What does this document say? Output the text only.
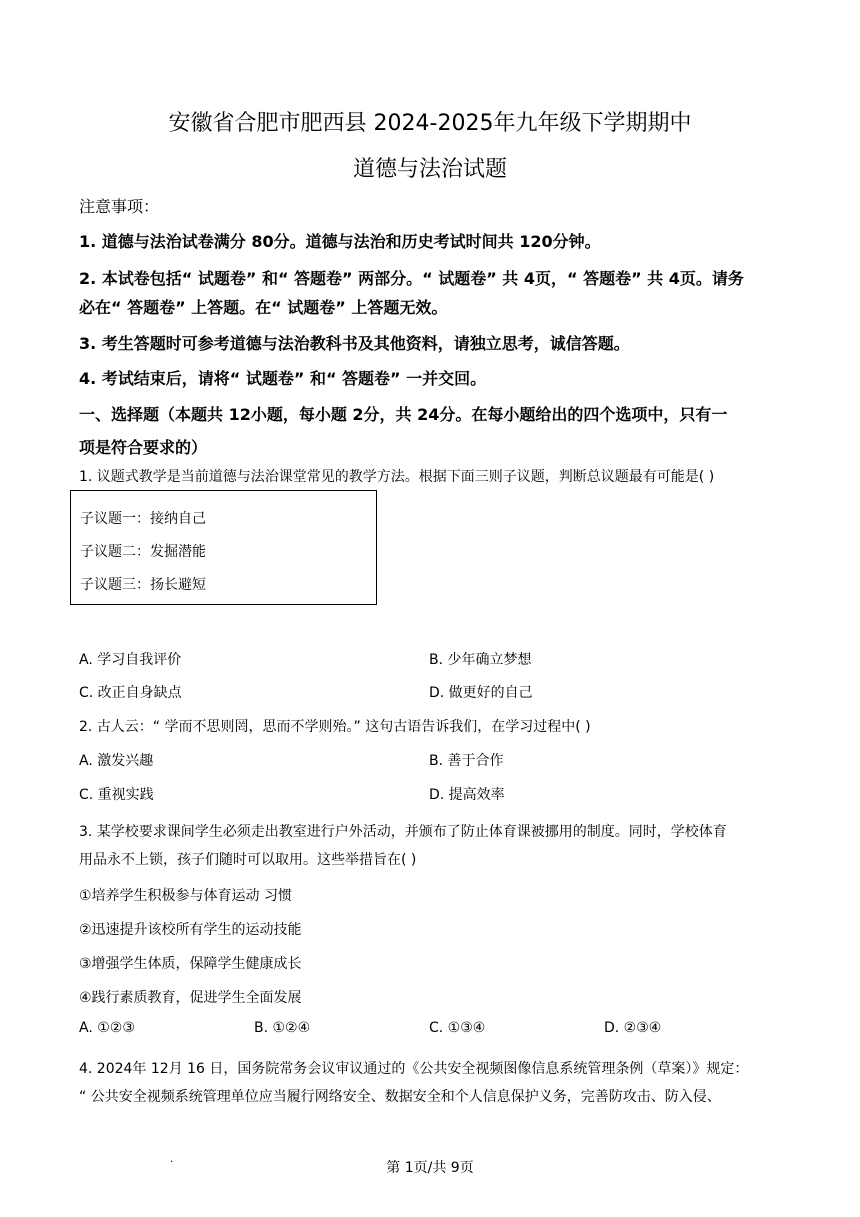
安徽省合肥市肥西县 2024-2025年九年级下学期期中
道德与法治试题
注意事项：
1. 道德与法治试卷满分 80分。道德与法治和历史考试时间共 120分钟。
2. 本试卷包括“ 试题卷” 和“ 答题卷” 两部分。“ 试题卷” 共 4页，“ 答题卷” 共 4页。请务
必在“ 答题卷” 上答题。在“ 试题卷” 上答题无效。
3. 考生答题时可参考道德与法治教科书及其他资料，请独立思考，诚信答题。
4. 考试结束后，请将“ 试题卷” 和“ 答题卷” 一并交回。
一、选择题（本题共 12小题，每小题 2分，共 24分。在每小题给出的四个选项中，只有一
项是符合要求的）
1. 议题式教学是当前道德与法治课堂常见的教学方法。根据下面三则子议题，判断总议题最有可能是( )
子议题一：接纳自己
子议题二：发掘潜能
子议题三：扬长避短
A. 学习自我评价	B. 少年确立梦想
C. 改正自身缺点	D. 做更好的自己
2. 古人云：“ 学而不思则罔，思而不学则殆。” 这句古语告诉我们，在学习过程中( )
A. 激发兴趣	B. 善于合作
C. 重视实践	D. 提高效率
3. 某学校要求课间学生必须走出教室进行户外活动，并颁布了防止体育课被挪用的制度。同时，学校体育
用品永不上锁，孩子们随时可以取用。这些举措旨在( )
①培养学生积极参与体育运动 习惯
②迅速提升该校所有学生的运动技能
③增强学生体质，保障学生健康成长
④践行素质教育，促进学生全面发展
A. ①②③	B. ①②④	C. ①③④	D. ②③④
4. 2024年 12月 16 日，国务院常务会议审议通过的《公共安全视频图像信息系统管理条例（草案）》规定：
“ 公共安全视频系统管理单位应当履行网络安全、数据安全和个人信息保护义务，完善防攻击、防入侵、
.
第 1页/共 9页
